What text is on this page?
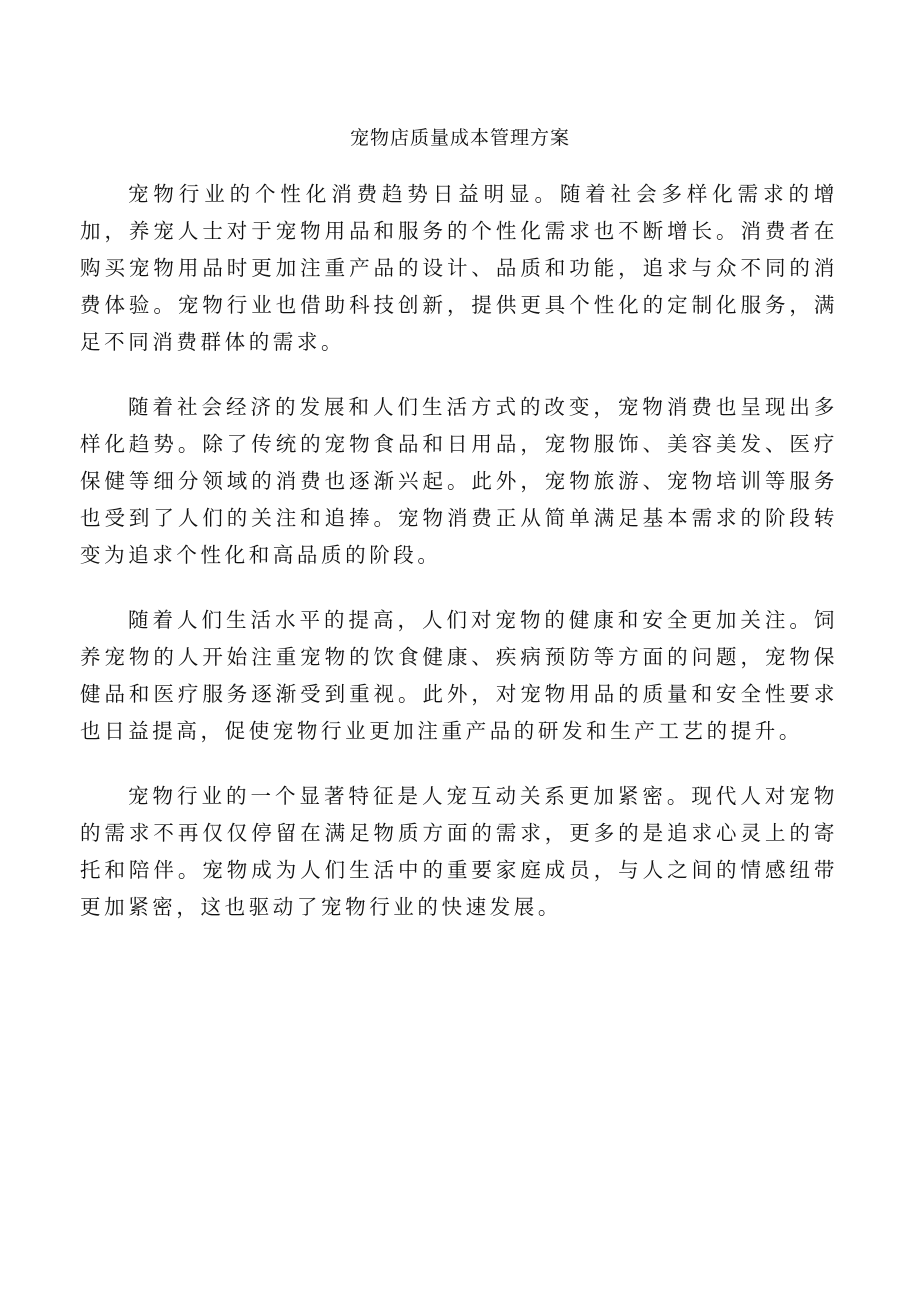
宠物店质量成本管理方案

宠物行业的个性化消费趋势日益明显。随着社会多样化需求的增加，养宠人士对于宠物用品和服务的个性化需求也不断增长。消费者在购买宠物用品时更加注重产品的设计、品质和功能，追求与众不同的消费体验。宠物行业也借助科技创新，提供更具个性化的定制化服务，满足不同消费群体的需求。

随着社会经济的发展和人们生活方式的改变，宠物消费也呈现出多样化趋势。除了传统的宠物食品和日用品，宠物服饰、美容美发、医疗保健等细分领域的消费也逐渐兴起。此外，宠物旅游、宠物培训等服务也受到了人们的关注和追捧。宠物消费正从简单满足基本需求的阶段转变为追求个性化和高品质的阶段。

随着人们生活水平的提高，人们对宠物的健康和安全更加关注。饲养宠物的人开始注重宠物的饮食健康、疾病预防等方面的问题，宠物保健品和医疗服务逐渐受到重视。此外，对宠物用品的质量和安全性要求也日益提高，促使宠物行业更加注重产品的研发和生产工艺的提升。

宠物行业的一个显著特征是人宠互动关系更加紧密。现代人对宠物的需求不再仅仅停留在满足物质方面的需求，更多的是追求心灵上的寄托和陪伴。宠物成为人们生活中的重要家庭成员，与人之间的情感纽带更加紧密，这也驱动了宠物行业的快速发展。
